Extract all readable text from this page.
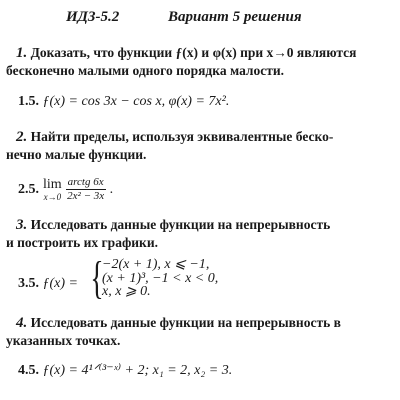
ИДЗ-5.2	Вариант 5 решения
1. Доказать, что функции ƒ(x) и φ(x) при x→0 являются
бесконечно малыми одного порядка малости.
1.5. ƒ(x) = cos 3x − cos x, φ(x) = 7x².
2. Найти пределы, используя эквивалентные беско-
нечно малые функции.
2.5. lim
$x\to 0 \frac{\text{arctg 6x}}{\text{2x² − 3x}}$ .
3. Исследовать данные функции на непрерывность
и построить их графики.
3.5. ƒ(x) = {
−2(x + 1), x ⩽ −1,
(x + 1)³, −1 < x < 0,
x, x ⩾ 0.
4. Исследовать данные функции на непрерывность в
указанных точках.
4.5. ƒ(x) = 4¹ᐟ⁽³⁻ˣ⁾ + 2; x₁ = 2, x₂ = 3.
